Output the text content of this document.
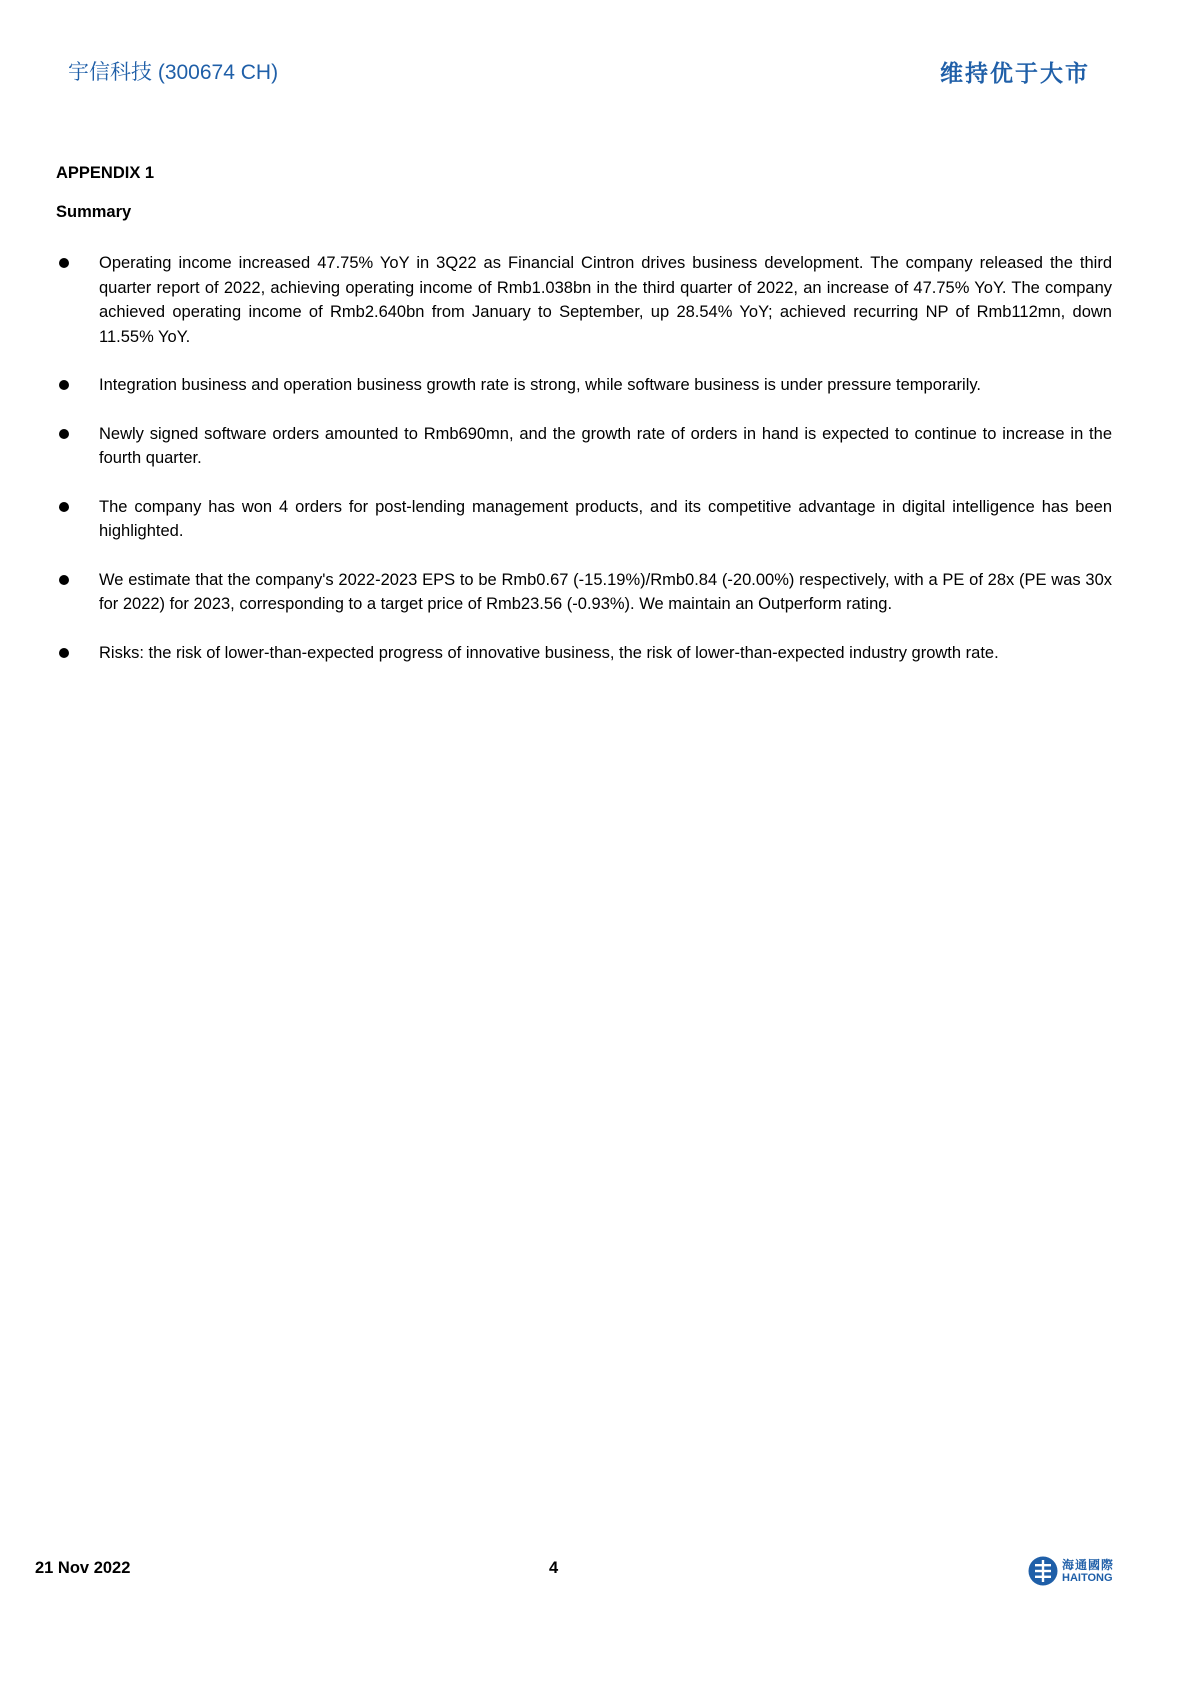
宇信科技 (300674 CH)	维持优于大市
APPENDIX 1
Summary
Operating income increased 47.75% YoY in 3Q22 as Financial Cintron drives business development. The company released the third quarter report of 2022, achieving operating income of Rmb1.038bn in the third quarter of 2022, an increase of 47.75% YoY. The company achieved operating income of Rmb2.640bn from January to September, up 28.54% YoY; achieved recurring NP of Rmb112mn, down 11.55% YoY.
Integration business and operation business growth rate is strong, while software business is under pressure temporarily.
Newly signed software orders amounted to Rmb690mn, and the growth rate of orders in hand is expected to continue to increase in the fourth quarter.
The company has won 4 orders for post-lending management products, and its competitive advantage in digital intelligence has been highlighted.
We estimate that the company's 2022-2023 EPS to be Rmb0.67 (-15.19%)/Rmb0.84 (-20.00%) respectively, with a PE of 28x (PE was 30x for 2022) for 2023, corresponding to a target price of Rmb23.56 (-0.93%). We maintain an Outperform rating.
Risks: the risk of lower-than-expected progress of innovative business, the risk of lower-than-expected industry growth rate.
21 Nov 2022	4	海通國際
HAITONG
